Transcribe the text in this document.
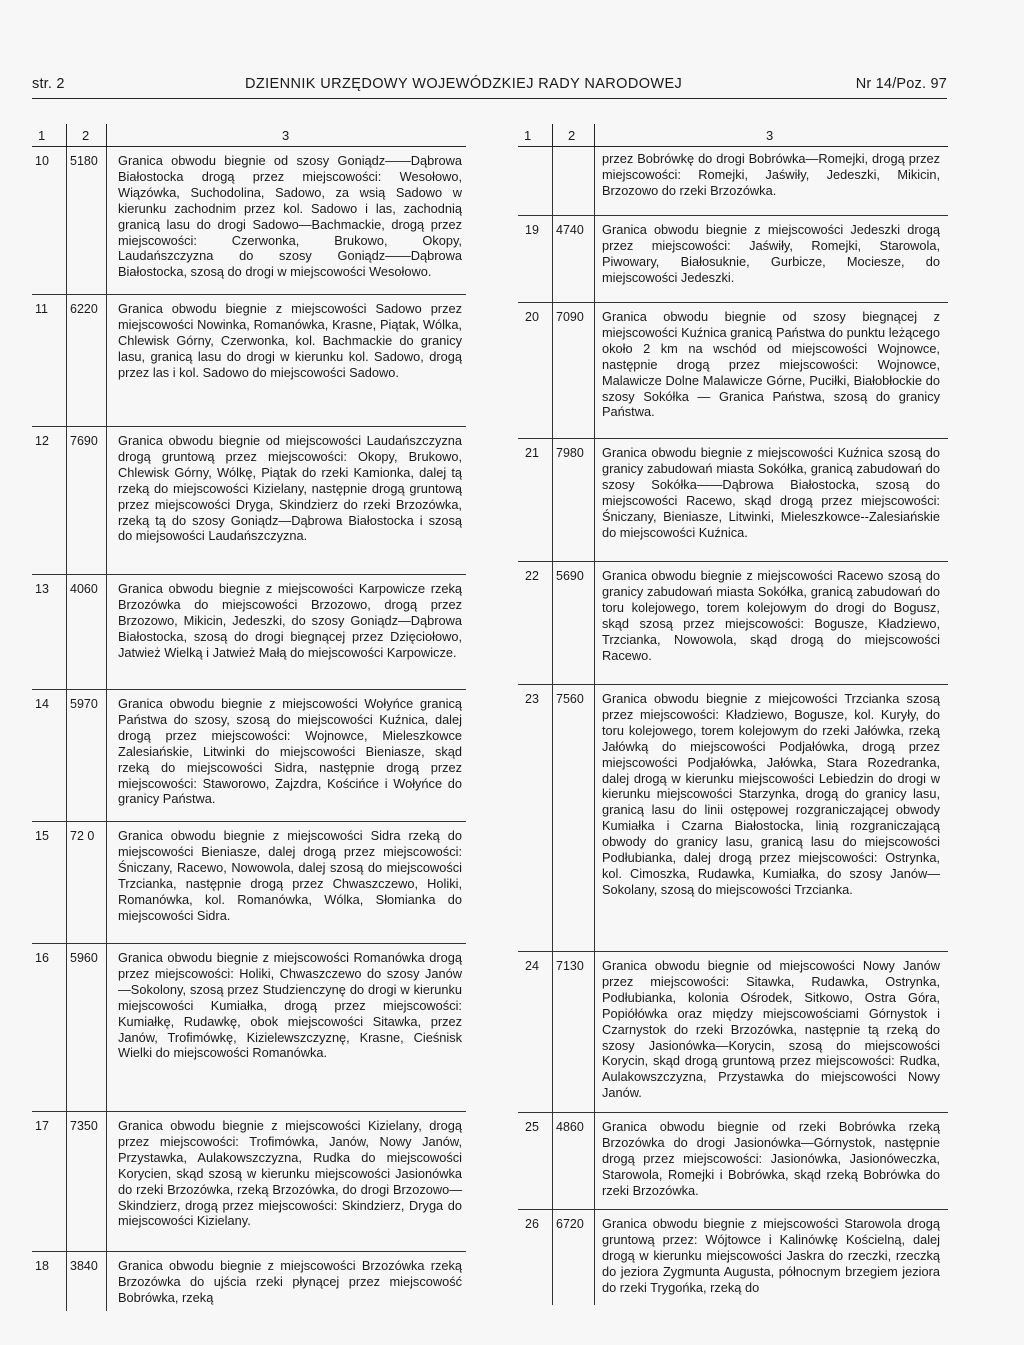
str. 2	DZIENNIK URZĘDOWY WOJEWÓDZKIEJ RADY NARODOWEJ	Nr 14/Poz. 97
1	2	3
10 5180 Granica obwodu biegnie od szosy Goniądz——Dąbrowa Białostocka drogą przez miejscowości: Wesołowo, Wiązówka, Suchodolina, Sadowo, za wsią Sadowo w kierunku zachodnim przez kol. Sadowo i las, zachodnią granicą lasu do drogi Sadowo—Bachmackie, drogą przez miejscowości: Czerwonka, Brukowo, Okopy, Laudańszczyzna do szosy Goniądz——Dąbrowa Białostocka, szosą do drogi w miejscowości Wesołowo.

11 6220 Granica obwodu biegnie z miejscowości Sadowo przez miejscowości Nowinka, Romanówka, Krasne, Piątak, Wólka, Chlewisk Górny, Czerwonka, kol. Bachmackie do granicy lasu, granicą lasu do drogi w kierunku kol. Sadowo, drogą przez las i kol. Sadowo do miejscowości Sadowo.

12 7690 Granica obwodu biegnie od miejscowości Laudańszczyzna drogą gruntową przez miejscowości: Okopy, Brukowo, Chlewisk Górny, Wólkę, Piątak do rzeki Kamionka, dalej tą rzeką do miejscowości Kizielany, następnie drogą gruntową przez miejscowości Dryga, Skindzierz do rzeki Brzozówka, rzeką tą do szosy Goniądz—Dąbrowa Białostocka i szosą do miejsowości Laudańszczyzna.

13 4060 Granica obwodu biegnie z miejscowości Karpowicze rzeką Brzozówka do miejscowości Brzozowo, drogą przez Brzozowo, Mikicin, Jedeszki, do szosy Goniądz—Dąbrowa Białostocka, szosą do drogi biegnącej przez Dzięciołowo, Jatwież Wielką i Jatwież Małą do miejscowości Karpowicze.

14 5970 Granica obwodu biegnie z miejscowości Wołyńce granicą Państwa do szosy, szosą do miejscowości Kuźnica, dalej drogą przez miejscowości: Wojnowce, Mieleszkowce Zalesiańskie, Litwinki do miejscowości Bieniasze, skąd rzeką do miejscowości Sidra, następnie drogą przez miejscowości: Staworowo, Zajzdra, Kościńce i Wołyńce do granicy Państwa.

15 72 0 Granica obwodu biegnie z miejscowości Sidra rzeką do miejscowości Bieniasze, dalej drogą przez miejscowości: Śniczany, Racewo, Nowowola, dalej szosą do miejscowości Trzcianka, następnie drogą przez Chwaszczewo, Holiki, Romanówka, kol. Romanówka, Wólka, Słomianka do miejscowości Sidra.

16 5960 Granica obwodu biegnie z miejscowości Romanówka drogą przez miejscowości: Holiki, Chwaszczewo do szosy Janów—Sokolony, szosą przez Studzienczynę do drogi w kierunku miejscowości Kumiałka, drogą przez miejscowości: Kumiałkę, Rudawkę, obok miejscowości Sitawka, przez Janów, Trofimówkę, Kizielewszczyznę, Krasne, Cieśnisk Wielki do miejscowości Romanówka.

17 7350 Granica obwodu biegnie z miejscowości Kizielany, drogą przez miejscowości: Trofimówka, Janów, Nowy Janów, Przystawka, Aulakowszczyzna, Rudka do miejscowości Korycien, skąd szosą w kierunku miejscowości Jasionówka do rzeki Brzozówka, rzeką Brzozówka, do drogi Brzozowo—Skindzierz, drogą przez miejscowości: Skindzierz, Dryga do miejscowości Kizielany.

18 3840 Granica obwodu biegnie z miejscowości Brzozówka rzeką Brzozówka do ujścia rzeki płynącej przez miejscowość Bobrówka, rzeką

1	2	3

przez Bobrówkę do drogi Bobrówka—Romejki, drogą przez miejscowości: Romejki, Jaświły, Jedeszki, Mikicin, Brzozowo do rzeki Brzozówka.

19 4740 Granica obwodu biegnie z miejscowości Jedeszki drogą przez miejscowości: Jaświły, Romejki, Starowola, Piwowary, Białosuknie, Gurbicze, Mociesze, do miejscowości Jedeszki.

20 7090 Granica obwodu biegnie od szosy biegnącej z miejscowości Kuźnica granicą Państwa do punktu leżącego około 2 km na wschód od miejscowości Wojnowce, następnie drogą przez miejscowości: Wojnowce, Malawicze Dolne Malawicze Górne, Puciłki, Białobłockie do szosy Sokółka — Granica Państwa, szosą do granicy Państwa.

21 7980 Granica obwodu biegnie z miejscowości Kuźnica szosą do granicy zabudowań miasta Sokółka, granicą zabudowań do szosy Sokółka——Dąbrowa Białostocka, szosą do miejscowości Racewo, skąd drogą przez miejscowości: Śniczany, Bieniasze, Litwinki, Mieleszkowce--Zalesiańskie do miejscowości Kuźnica.

22 5690 Granica obwodu biegnie z miejscowości Racewo szosą do granicy zabudowań miasta Sokółka, granicą zabudowań do toru kolejowego, torem kolejowym do drogi do Bogusz, skąd szosą przez miejscowości: Bogusze, Kładziewo, Trzcianka, Nowowola, skąd drogą do miejscowości Racewo.

23 7560 Granica obwodu biegnie z miejcowości Trzcianka szosą przez miejscowości: Kładziewo, Bogusze, kol. Kuryły, do toru kolejowego, torem kolejowym do rzeki Jałówka, rzeką Jałówką do miejscowości Podjałówka, drogą przez miejscowości Podjałówka, Jałówka, Stara Rozedranka, dalej drogą w kierunku miejscowości Lebiedzin do drogi w kierunku miejscowości Starzynka, drogą do granicy lasu, granicą lasu do linii ostępowej rozgraniczającej obwody Kumiałka i Czarna Białostocka, linią rozgraniczającą obwody do granicy lasu, granicą lasu do miejscowości Podłubianka, dalej drogą przez miejscowości: Ostrynka, kol. Cimoszka, Rudawka, Kumiałka, do szosy Janów—Sokolany, szosą do miejscowości Trzcianka.

24 7130 Granica obwodu biegnie od miejscowości Nowy Janów przez miejscowości: Sitawka, Rudawka, Ostrynka, Podłubianka, kolonia Ośrodek, Sitkowo, Ostra Góra, Popiółówka oraz między miejscowościami Górnystok i Czarnystok do rzeki Brzozówka, następnie tą rzeką do szosy Jasionówka—Korycin, szosą do miejscowości Korycin, skąd drogą gruntową przez miejscowości: Rudka, Aulakowszczyzna, Przystawka do miejscowości Nowy Janów.

25 4860 Granica obwodu biegnie od rzeki Bobrówka rzeką Brzozówka do drogi Jasionówka—Górnystok, następnie drogą przez miejscowości: Jasionówka, Jasionóweczka, Starowola, Romejki i Bobrówka, skąd rzeką Bobrówka do rzeki Brzozówka.

26 6720 Granica obwodu biegnie z miejscowości Starowola drogą gruntową przez: Wójtowce i Kalinówkę Kościelną, dalej drogą w kierunku miejscowości Jaskra do rzeczki, rzeczką do jeziora Zygmunta Augusta, północnym brzegiem jeziora do rzeki Trygońka, rzeką do
